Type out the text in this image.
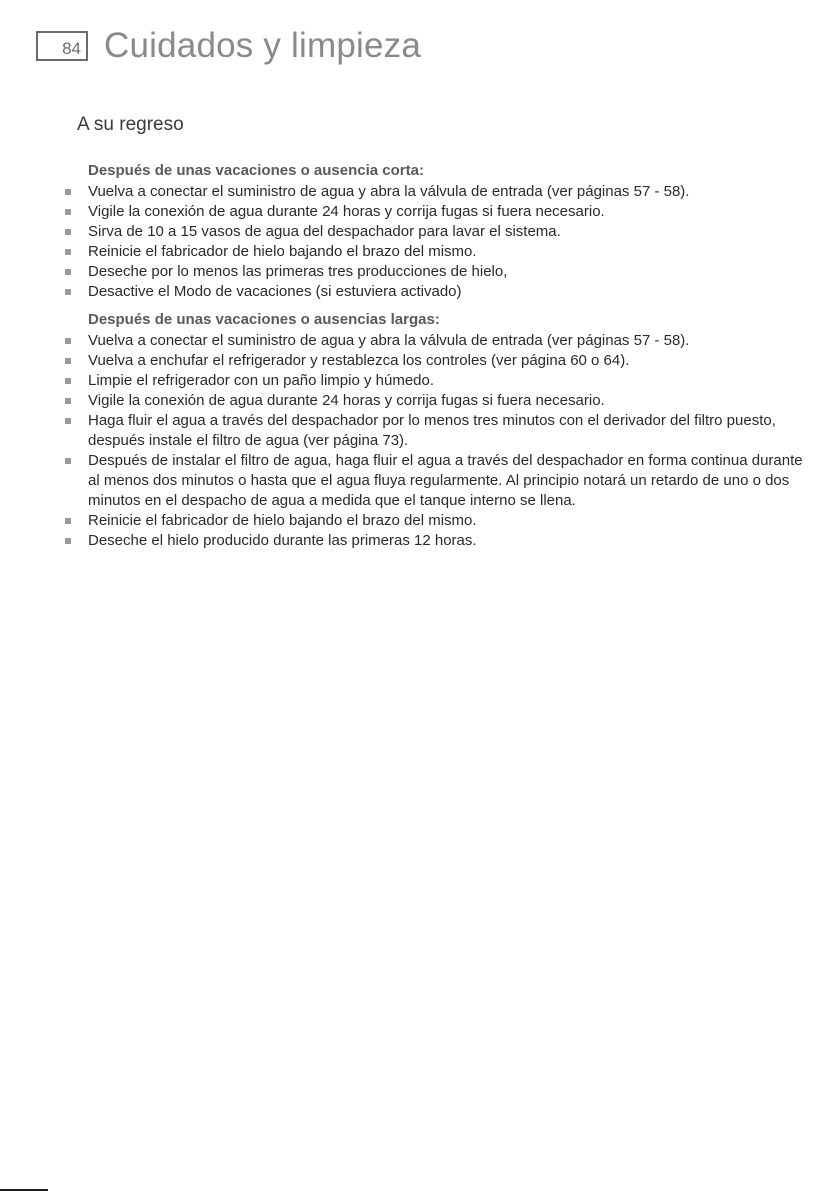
84 Cuidados y limpieza
A su regreso
Después de unas vacaciones o ausencia corta:
Vuelva a conectar el suministro de agua y abra la válvula de entrada (ver páginas 57 - 58).
Vigile la conexión de agua durante 24 horas y corrija fugas si fuera necesario.
Sirva de 10 a 15 vasos de agua del despachador para lavar el sistema.
Reinicie el fabricador de hielo bajando el brazo del mismo.
Deseche por lo menos las primeras tres producciones de hielo,
Desactive el Modo de vacaciones (si estuviera activado)
Después de unas vacaciones o ausencias largas:
Vuelva a conectar el suministro de agua y abra la válvula de entrada (ver páginas 57 - 58).
Vuelva a enchufar el refrigerador y restablezca los controles (ver página 60 o 64).
Limpie el refrigerador con un paño limpio y húmedo.
Vigile la conexión de agua durante 24 horas y corrija fugas si fuera necesario.
Haga fluir el agua a través del despachador por lo menos tres minutos con el derivador del filtro puesto, después instale el filtro de agua (ver página 73).
Después de instalar el filtro de agua, haga fluir el agua a través del despachador en forma continua durante al menos dos minutos o hasta que el agua fluya regularmente. Al principio notará un retardo de uno o dos minutos en el despacho de agua a medida que el tanque interno se llena.
Reinicie el fabricador de hielo bajando el brazo del mismo.
Deseche el hielo producido durante las primeras 12 horas.
